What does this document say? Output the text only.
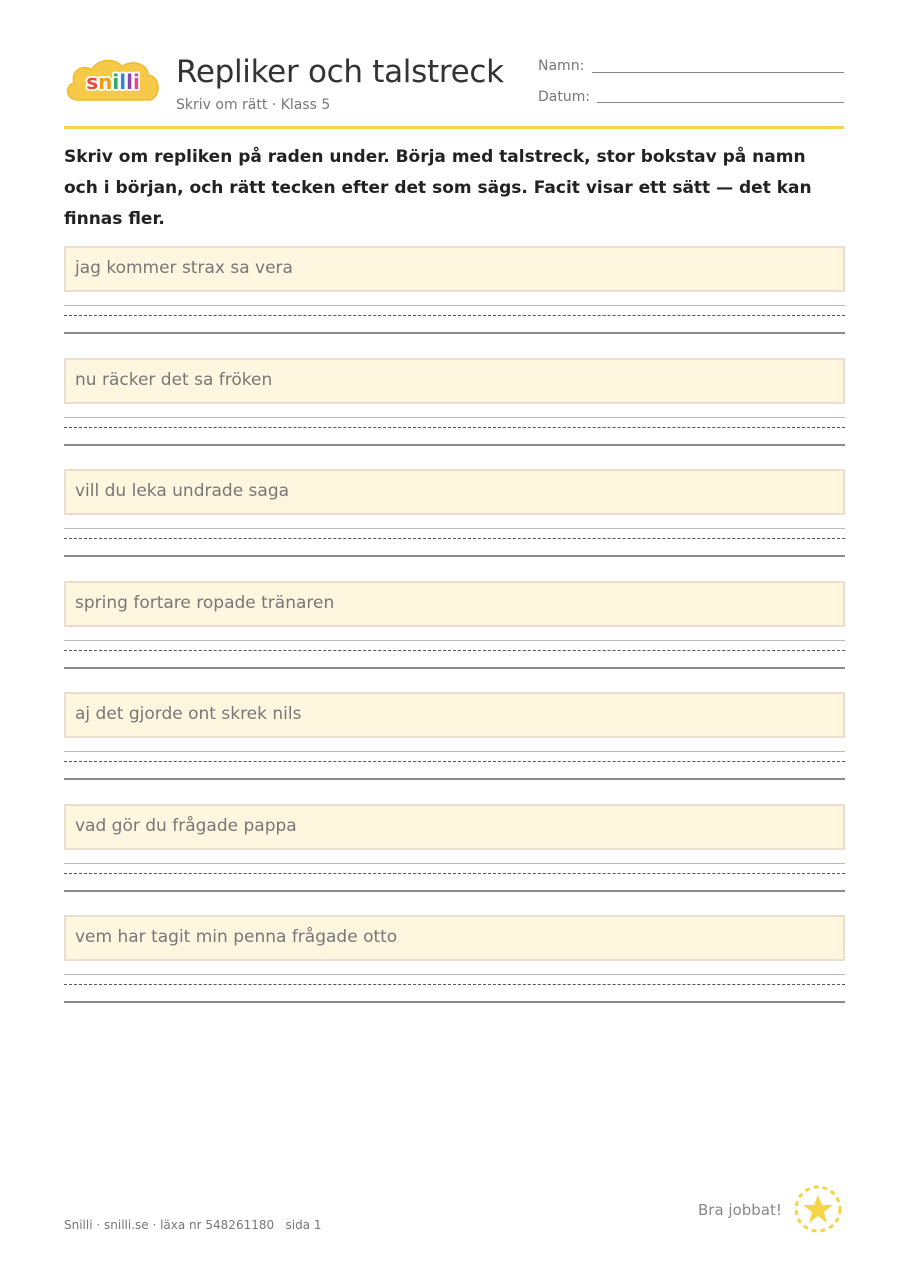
snilli Repliker och talstreck
Skriv om rätt · Klass 5
Namn:
Datum:
Skriv om repliken på raden under. Börja med talstreck, stor bokstav på namn och i början, och rätt tecken efter det som sägs. Facit visar ett sätt — det kan finnas fler.
jag kommer strax sa vera
nu räcker det sa fröken
vill du leka undrade saga
spring fortare ropade tränaren
aj det gjorde ont skrek nils
vad gör du frågade pappa
vem har tagit min penna frågade otto
Snilli · snilli.se · läxa nr 548261180   sida 1
Bra jobbat!
